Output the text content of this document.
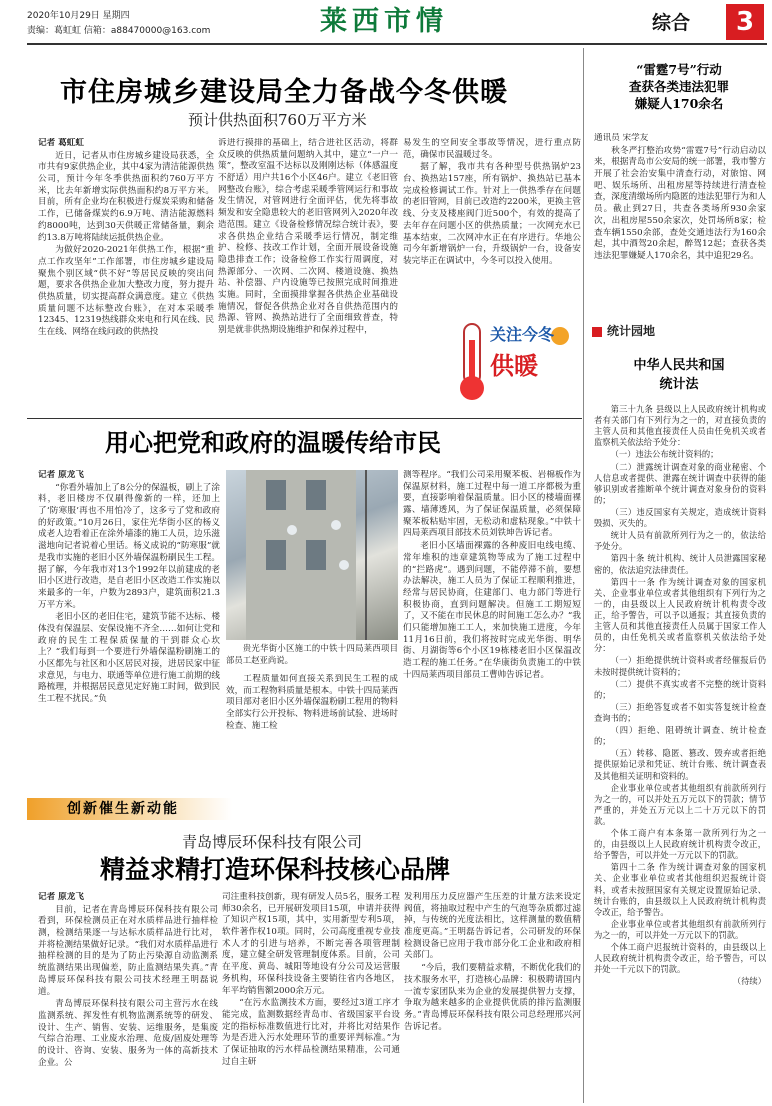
2020年10月29日 星期四
责编：葛虹虹 信箱：a88470000@163.com	莱西市情	综合	3
市住房城乡建设局全力备战今冬供暖
预计供热面积760万平方米

记者 葛虹虹

近日，记者从市住房城乡建设局获悉，全市共有9家供热企业，其中4家为清洁能源供热公司，预计今年冬季供热面积约760万平方米，比去年新增实际供热面积约8万平方米。目前，所有企业均在积极进行煤炭采购和储备工作，已储备煤炭约6.9万吨、清洁能源燃料约8000吨，达到30天供暖正常储备量，剩余约13.8万吨将陆续运抵供热企业。

为做好2020-2021年供热工作，根据“重点工作攻坚年”工作部署，市住房城乡建设局聚焦个别区域“供不好”等居民反映的突出问题，要求各供热企业加大整改力度，努力提升供热质量，切实提高群众满意度。建立《供热质量问题不达标整改台账》，在对本采暖季12345、12319热线群众来电和行风在线、民生在线、网络在线问政的供热投

诉进行摸排的基础上，结合进社区活动，将群众反映的供热质量问题纳入其中，建立“一户一策”，整改室温不达标以及刚刚达标（体感温度不舒适）用户共16个小区46户。建立《老旧管网整改台账》，综合考虑采暖季管网运行和事故发生情况，对管网进行全面评估，优先将事故频发和安全隐患较大的老旧管网列入2020年改造范围。建立《设备检修情况综合统计表》，要求各供热企业结合采暖季运行情况，制定维护、检修、技改工作计划，全面开展设备设施隐患排查工作；设备检修工作实行周调度，对热源部分、一次网、二次网、楼道设施、换热站、补偿器、户内设施等已按照完成时间推进实施。同时，全面摸排掌握各供热企业基础设施情况，督促各供热企业对各自供热范围内的热源、管网、换热站进行了全面细致普查，特别是就非供热期设施维护和保养过程中，

易发生的空间安全事故等情况，进行重点防范，确保市民温暖过冬。

据了解，我市共有各种型号供热锅炉23台、换热站157座，所有锅炉、换热站已基本完成检修调试工作。针对上一供热季存在问题的老旧管网，目前已改造约2200米，更换主管线、分支及楼座阀门近500个，有效的提高了去年存在问题小区的供热质量；一次网充水已基本结束，二次网冲水正在有序进行。华地公司今年新增锅炉一台，升级锅炉一台，设备安装完毕正在调试中，今冬可以投入使用。

关注今冬
供暖
用心把党和政府的温暖传给市民

记者 原龙飞

“你看外墙加上了8公分的保温板，刷上了涂料，老旧楼房不仅刷得像新的一样，还加上了‘防寒服’再也不用怕冷了，这多亏了党和政府的好政策。”10月26日，家住光华街小区的杨义成老人边看着正在涂外墙漆的施工人员，边乐滋滋地向记者说着心里话。杨义成说的“防寒服”就是我市实施的老旧小区外墙保温粉刷民生工程。据了解，今年我市对13个1992年以前建成的老旧小区进行改造，是自老旧小区改造工作实施以来最多的一年，户数为2893户，建筑面积21.3万平方米。

老旧小区的老旧住宅，建筑节能不达标、楼体没有保温层、安保设施不齐全……如何让党和政府的民生工程保质保量的干到群众心坎上？“我们每到一个要进行外墙保温粉刷施工的小区都先与社区和小区居民对接，进居民家中征求意见，与电力、联通等单位进行施工前期的线路梳理，并根据居民意见定好施工时间，做到民生工程不扰民。”负

贵光华街小区施工的中铁十四局莱西项目部员工赵亚尚说。

工程质量如何直接关系到民生工程的成效，而工程物料质量是根本。中铁十四局莱西项目部对老旧小区外墙保温粉刷工程用的物料全部实行公开投标、物料进场前试验、进场时检查、施工检

测等程序。“我们公司采用聚苯板、岩棉板作为保温原材料，施工过程中每一道工序都极为重要，直接影响着保温质量。旧小区的楼墙面裸露、墙薄透风，为了保证保温质量，必须保障聚苯板粘贴牢固，无松动和虚粘现象。”中铁十四局莱西项目部技术员刘铁坤告诉记者。

老旧小区墙面裸露的各种废旧电线电缆、常年堆积的违章建筑物等成为了施工过程中的“拦路虎”。遇到问题，不能停滞不前，要想办法解决，施工人员为了保证工程顺利推进，经常与居民协商，住建部门、电力部门等进行积极协商，直到问题解决。但施工工期短短了，又不能在市民休息的时间施工怎么办？“我们只能增加施工工人，来加快施工进度，今年11月16日前，我们将按时完成光华街、明华街、月湖街等6个小区19栋楼老旧小区保温改造工程的施工任务。”在华康街负责施工的中铁十四局莱西项目部员工曹帅告诉记者。

创新催生新动能
青岛博辰环保科技有限公司
精益求精打造环保科技核心品牌

记者 原龙飞

目前，记者在青岛博辰环保科技有限公司看到，环保检测员正在对水质样品进行抽样检测，检测结果逐一与达标水质样品进行比对，并将检测结果做好记录。“我们对水质样品进行抽样检测的目的是为了防止污染源自动监测系统监测结果出现偏差，防止监测结果失真。”青岛博辰环保科技有限公司技术经理王明磊说道。

青岛博辰环保科技有限公司主营污水在线监测系统、挥发性有机物监测系统等的研发、设计、生产、销售、安装、运维服务，是集废气综合治理、工业废水治理、危废/固废处理等的设计、咨询、安装、服务为一体的高新技术企业。公

司注重科技创新，现有研发人员5名，服务工程师30余名，已开展研发项目15项，申请并获得了知识产权15项，其中，实用新型专利5项，软件著作权10项。同时，公司高度重视专业技术人才的引进与培养，不断完善各项管理制度，建立健全研发管理制度体系。目前，公司在平度、黄岛、城阳等地设有分公司及运营服务机构，环保科技设备主要销往省内各地区，年平均销售额2000余万元。

“在污水监测技术方面，要经过3道工序才能完成，监测数据经青岛市、省级国家平台设定的指标标准数值进行比对，并将比对结果作为是否进入污水处理环节的重要评判标准。”为了保证抽取的污水样品检测结果精准，公司通过自主研

发利用压力反应器产生压差的计量方法来设定阀值，将抽取过程中产生的气泡等杂质都过滤掉，与传统的光度法相比，这样测量的数值精准度更高。”王明磊告诉记者，公司研发的环保检测设备已应用于我市部分化工企业和政府相关部门。

“今后，我们要精益求精，不断优化我们的技术服务水平，打造核心品牌：积极聘请国内一流专家团队来为企业的发展提供智力支撑，争取为越来越多的企业提供优质的排污监测服务。”青岛博辰环保科技有限公司总经理邢兴河告诉记者。

“雷霆7号”行动
查获各类违法犯罪
嫌疑人170余名

通讯员 宋学友

秋冬严打整治攻势“雷霆7号”行动启动以来，根据青岛市公安局的统一部署，我市警方开展了社会治安集中清查行动，对旅馆、网吧、娱乐场所、出租房屋等持续进行清查检查，深度清缴场所内隐匿的违法犯罪行为和人员。截止到27日，共查各类场所930余家次，出租房屋550余家次，处罚场所8家；检查车辆1550余部，查处交通违法行为160余起，其中酒驾20余起，醉驾12起；查获各类违法犯罪嫌疑人170余名，其中追犯29名。

统计园地
中华人民共和国
统计法

第三十九条 县级以上人民政府统计机构或者有关部门有下列行为之一的，对直接负责的主管人员和其他直接责任人员由任免机关或者监察机关依法给予处分：

（一）违法公布统计资料的；

（二）泄露统计调查对象的商业秘密、个人信息或者提供、泄露在统计调查中获得的能够识别或者推断单个统计调查对象身份的资料的；

（三）违反国家有关规定，造成统计资料毁损、灭失的。

统计人员有前款所列行为之一的，依法给予处分。

第四十条 统计机构、统计人员泄露国家秘密的，依法追究法律责任。

第四十一条 作为统计调查对象的国家机关、企业事业单位或者其他组织有下列行为之一的，由县级以上人民政府统计机构责令改正，给予警告，可以予以通报；其直接负责的主管人员和其他直接责任人员属于国家工作人员的，由任免机关或者监察机关依法给予处分：

（一）拒绝提供统计资料或者经催报后仍未按时提供统计资料的；

（二）提供不真实或者不完整的统计资料的；

（三）拒绝答复或者不如实答复统计检查查询书的；

（四）拒绝、阻碍统计调查、统计检查的；

（五）转移、隐匿、篡改、毁弃或者拒绝提供原始记录和凭证、统计台账、统计调查表及其他相关证明和资料的。

企业事业单位或者其他组织有前款所列行为之一的，可以并处五万元以下的罚款；情节严重的，并处五万元以上二十万元以下的罚款。

个体工商户有本条第一款所列行为之一的，由县级以上人民政府统计机构责令改正，给予警告，可以并处一万元以下的罚款。

第四十二条 作为统计调查对象的国家机关、企业事业单位或者其他组织迟报统计资料，或者未按照国家有关规定设置原始记录、统计台账的，由县级以上人民政府统计机构责令改正，给予警告。

企业事业单位或者其他组织有前款所列行为之一的，可以并处一万元以下的罚款。

个体工商户迟报统计资料的，由县级以上人民政府统计机构责令改正，给予警告，可以并处一千元以下的罚款。

（待续）
